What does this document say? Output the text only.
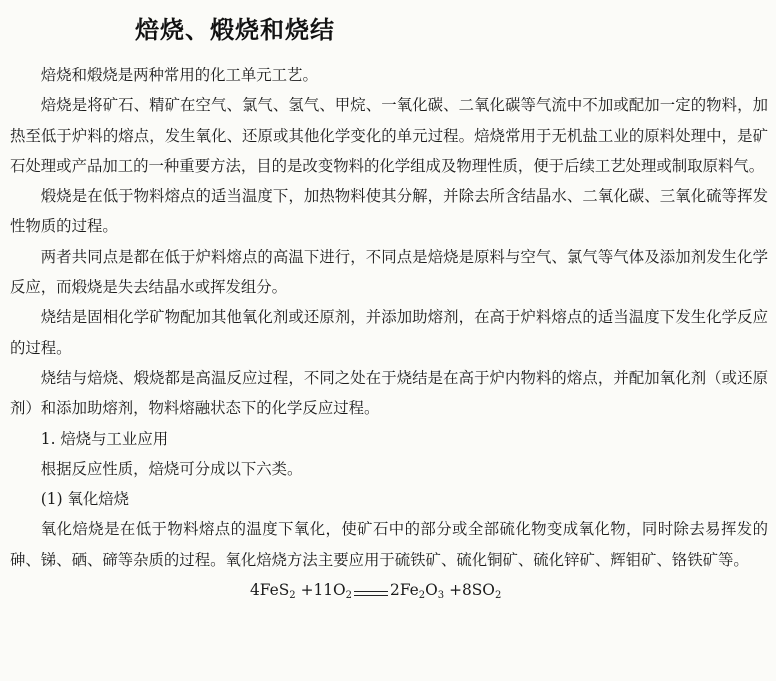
焙烧、煅烧和烧结

焙烧和煅烧是两种常用的化工单元工艺。

焙烧是将矿石、精矿在空气、氯气、氢气、甲烷、一氧化碳、二氧化碳等气流中不加或配加一定的物料，加热至低于炉料的熔点，发生氧化、还原或其他化学变化的单元过程。焙烧常用于无机盐工业的原料处理中，是矿石处理或产品加工的一种重要方法，目的是改变物料的化学组成及物理性质，便于后续工艺处理或制取原料气。

煅烧是在低于物料熔点的适当温度下，加热物料使其分解，并除去所含结晶水、二氧化碳、三氧化硫等挥发性物质的过程。

两者共同点是都在低于炉料熔点的高温下进行，不同点是焙烧是原料与空气、氯气等气体及添加剂发生化学反应，而煅烧是失去结晶水或挥发组分。

烧结是固相化学矿物配加其他氧化剂或还原剂，并添加助熔剂，在高于炉料熔点的适当温度下发生化学反应的过程。

烧结与焙烧、煅烧都是高温反应过程，不同之处在于烧结是在高于炉内物料的熔点，并配加氧化剂（或还原剂）和添加助熔剂，物料熔融状态下的化学反应过程。

1. 焙烧与工业应用

根据反应性质，焙烧可分成以下六类。

(1) 氧化焙烧

氧化焙烧是在低于物料熔点的温度下氧化，使矿石中的部分或全部硫化物变成氧化物，同时除去易挥发的砷、锑、硒、碲等杂质的过程。氧化焙烧方法主要应用于硫铁矿、硫化铜矿、硫化锌矿、辉钼矿、铬铁矿等。

$4FeS_2 +11O_2$ $2Fe_2O_3 +8SO_2$
